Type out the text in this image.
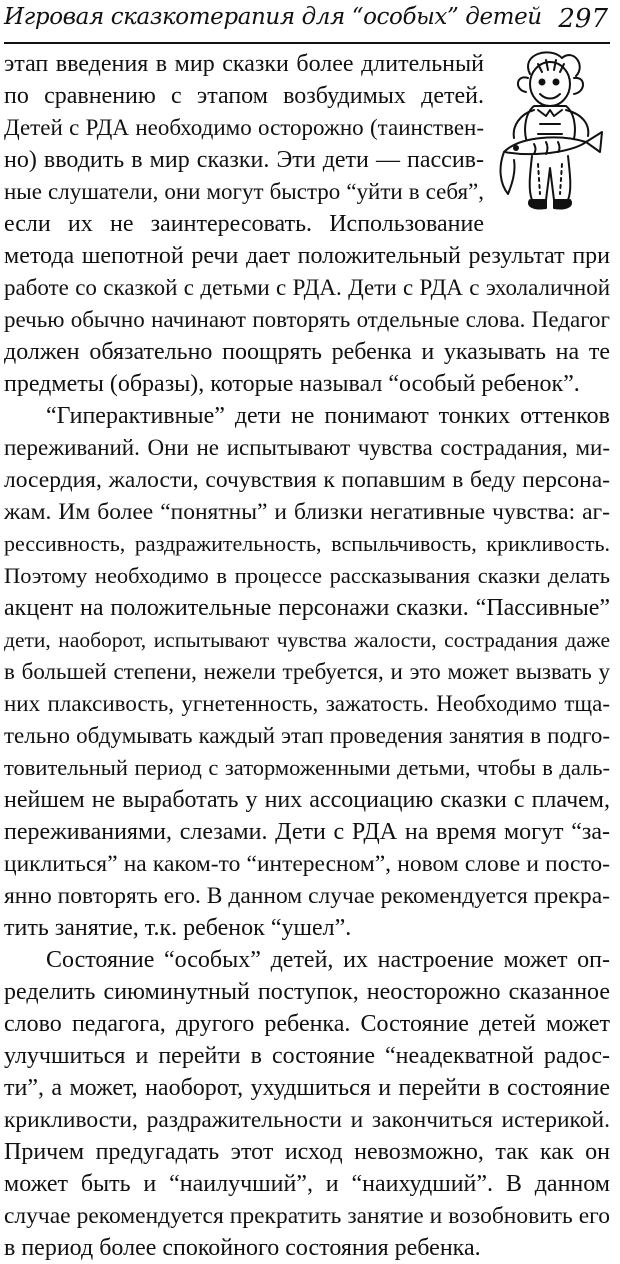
Игровая сказкотерапия для “особых” детей 297
этап введения в мир сказки более длительный
по сравнению с этапом возбудимых детей.
Детей с РДА необходимо осторожно (таинствен-
но) вводить в мир сказки. Эти дети — пассив-
ные слушатели, они могут быстро “уйти в себя”,
если их не заинтересовать. Использование
метода шепотной речи дает положительный результат при
работе со сказкой с детьми с РДА. Дети с РДА с эхолаличной
речью обычно начинают повторять отдельные слова. Педагог
должен обязательно поощрять ребенка и указывать на те
предметы (образы), которые называл “особый ребенок”.
“Гиперактивные” дети не понимают тонких оттенков
переживаний. Они не испытывают чувства сострадания, ми-
лосердия, жалости, сочувствия к попавшим в беду персона-
жам. Им более “понятны” и близки негативные чувства: аг-
рессивность, раздражительность, вспыльчивость, крикливость.
Поэтому необходимо в процессе рассказывания сказки делать
акцент на положительные персонажи сказки. “Пассивные”
дети, наоборот, испытывают чувства жалости, сострадания даже
в большей степени, нежели требуется, и это может вызвать у
них плаксивость, угнетенность, зажатость. Необходимо тща-
тельно обдумывать каждый этап проведения занятия в подго-
товительный период с заторможенными детьми, чтобы в даль-
нейшем не выработать у них ассоциацию сказки с плачем,
переживаниями, слезами. Дети с РДА на время могут “за-
циклиться” на каком-то “интересном”, новом слове и посто-
янно повторять его. В данном случае рекомендуется прекра-
тить занятие, т.к. ребенок “ушел”.
Состояние “особых” детей, их настроение может оп-
ределить сиюминутный поступок, неосторожно сказанное
слово педагога, другого ребенка. Состояние детей может
улучшиться и перейти в состояние “неадекватной радос-
ти”, а может, наоборот, ухудшиться и перейти в состояние
крикливости, раздражительности и закончиться истерикой.
Причем предугадать этот исход невозможно, так как он
может быть и “наилучший”, и “наихудший”. В данном
случае рекомендуется прекратить занятие и возобновить его
в период более спокойного состояния ребенка.
